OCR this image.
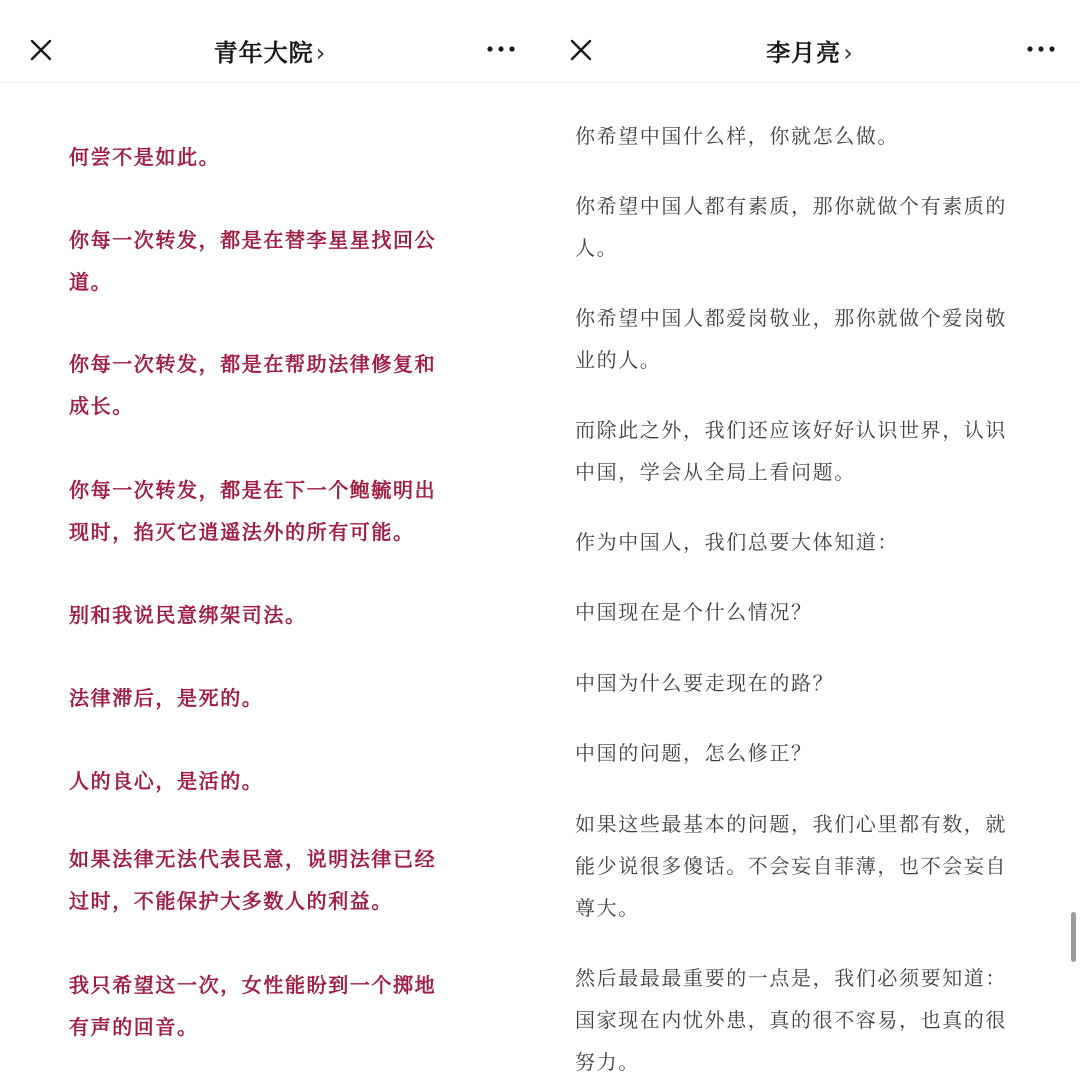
青年大院›

何尝不是如此。

你每一次转发，都是在替李星星找回公
道。

你每一次转发，都是在帮助法律修复和
成长。

你每一次转发，都是在下一个鲍毓明出
现时，掐灭它逍遥法外的所有可能。

别和我说民意绑架司法。

法律滞后，是死的。

人的良心，是活的。

如果法律无法代表民意，说明法律已经
过时，不能保护大多数人的利益。

我只希望这一次，女性能盼到一个掷地
有声的回音。

李月亮›

你希望中国什么样，你就怎么做。

你希望中国人都有素质，那你就做个有素质的
人。

你希望中国人都爱岗敬业，那你就做个爱岗敬
业的人。

而除此之外，我们还应该好好认识世界，认识
中国，学会从全局上看问题。

作为中国人，我们总要大体知道：

中国现在是个什么情况？

中国为什么要走现在的路？

中国的问题，怎么修正？

如果这些最基本的问题，我们心里都有数，就
能少说很多傻话。不会妄自菲薄，也不会妄自
尊大。

然后最最最重要的一点是，我们必须要知道：
国家现在内忧外患，真的很不容易，也真的很
努力。
